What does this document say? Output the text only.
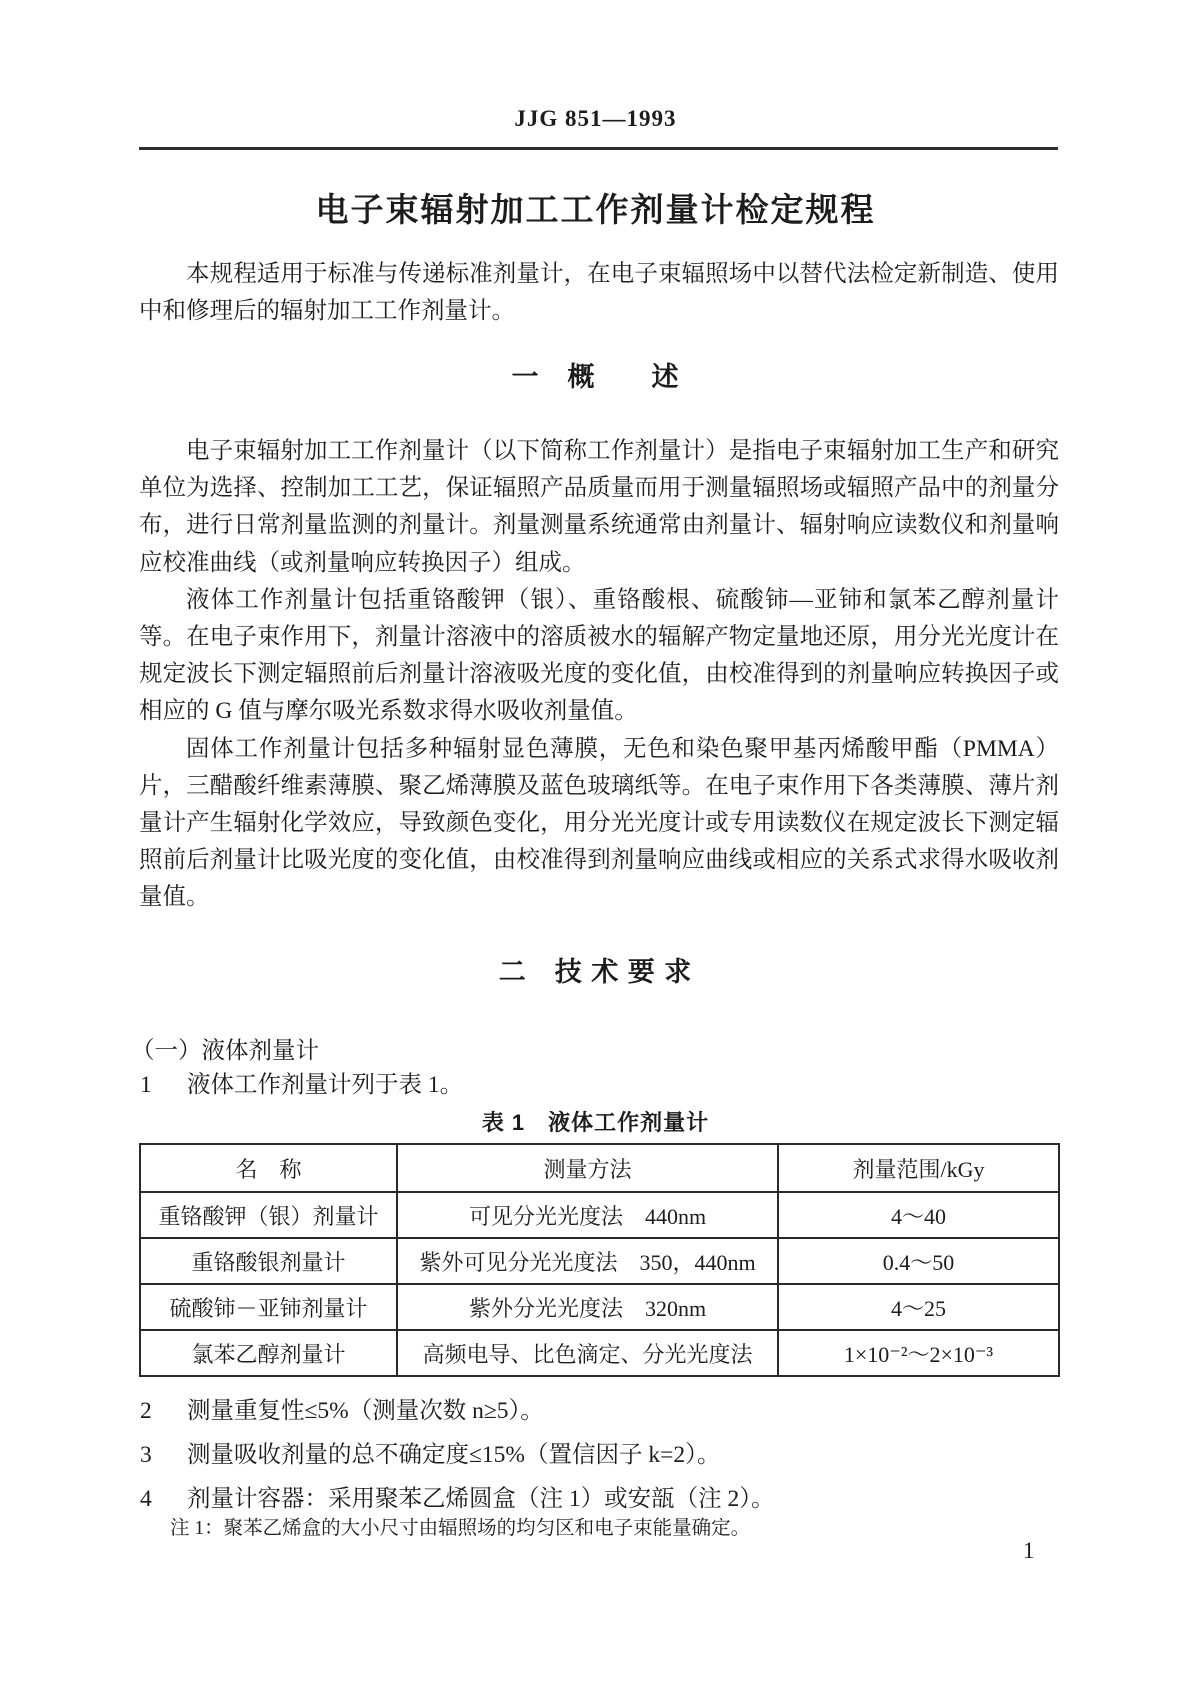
JJG 851—1993
电子束辐射加工工作剂量计检定规程

本规程适用于标准与传递标准剂量计，在电子束辐照场中以替代法检定新制造、使用中和修理后的辐射加工工作剂量计。

一　概　　述

电子束辐射加工工作剂量计（以下简称工作剂量计）是指电子束辐射加工生产和研究单位为选择、控制加工工艺，保证辐照产品质量而用于测量辐照场或辐照产品中的剂量分布，进行日常剂量监测的剂量计。剂量测量系统通常由剂量计、辐射响应读数仪和剂量响应校准曲线（或剂量响应转换因子）组成。

液体工作剂量计包括重铬酸钾（银）、重铬酸根、硫酸铈—亚铈和氯苯乙醇剂量计等。在电子束作用下，剂量计溶液中的溶质被水的辐解产物定量地还原，用分光光度计在规定波长下测定辐照前后剂量计溶液吸光度的变化值，由校准得到的剂量响应转换因子或相应的 G 值与摩尔吸光系数求得水吸收剂量值。

固体工作剂量计包括多种辐射显色薄膜，无色和染色聚甲基丙烯酸甲酯（PMMA）片，三醋酸纤维素薄膜、聚乙烯薄膜及蓝色玻璃纸等。在电子束作用下各类薄膜、薄片剂量计产生辐射化学效应，导致颜色变化，用分光光度计或专用读数仪在规定波长下测定辐照前后剂量计比吸光度的变化值，由校准得到剂量响应曲线或相应的关系式求得水吸收剂量值。

二　技 术 要 求
（一）液体剂量计
1	液体工作剂量计列于表 1。
表 1　液体工作剂量计
名　称	测量方法	剂量范围/kGy
重铬酸钾（银）剂量计	可见分光光度法　440nm	4～40
重铬酸银剂量计	紫外可见分光光度法　350，440nm	0.4～50
硫酸铈－亚铈剂量计	紫外分光光度法　320nm	4～25
氯苯乙醇剂量计	高频电导、比色滴定、分光光度法	1×10⁻²～2×10⁻³
2	测量重复性≤5%（测量次数 n≥5）。
3	测量吸收剂量的总不确定度≤15%（置信因子 k=2）。
4	剂量计容器：采用聚苯乙烯圆盒（注 1）或安瓿（注 2）。
注 1：聚苯乙烯盒的大小尺寸由辐照场的均匀区和电子束能量确定。
1
